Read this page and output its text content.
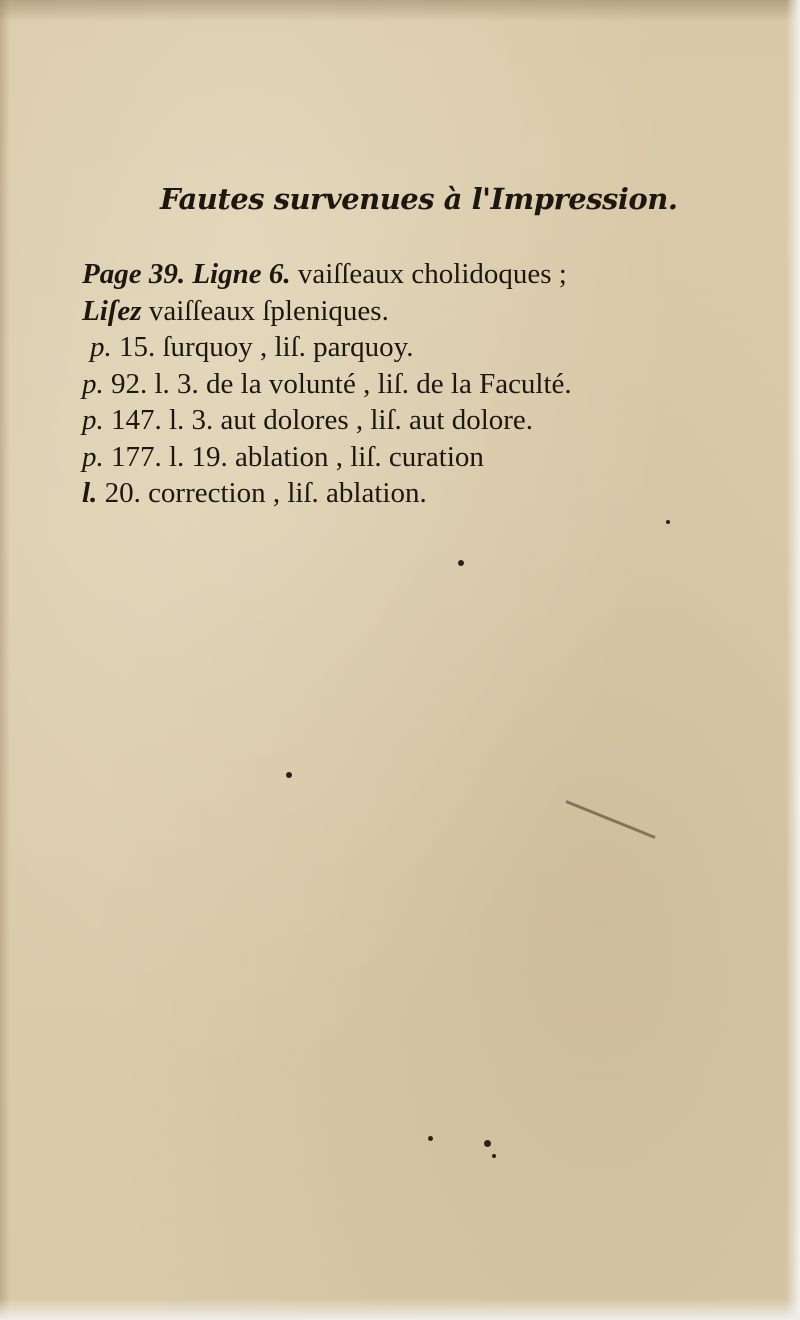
Fautes survenues à l'Impression.
Page 39. Ligne 6. vaiſſeaux cholidoques ;
Liſez vaiſſeaux ſpleniques.
p. 15. ſurquoy , liſ. parquoy.
p. 92. l. 3. de la volunté , liſ. de la Faculté.
p. 147. l. 3. aut dolores , liſ. aut dolore.
p. 177. l. 19. ablation , liſ. curation
l. 20. correction , liſ. ablation.
